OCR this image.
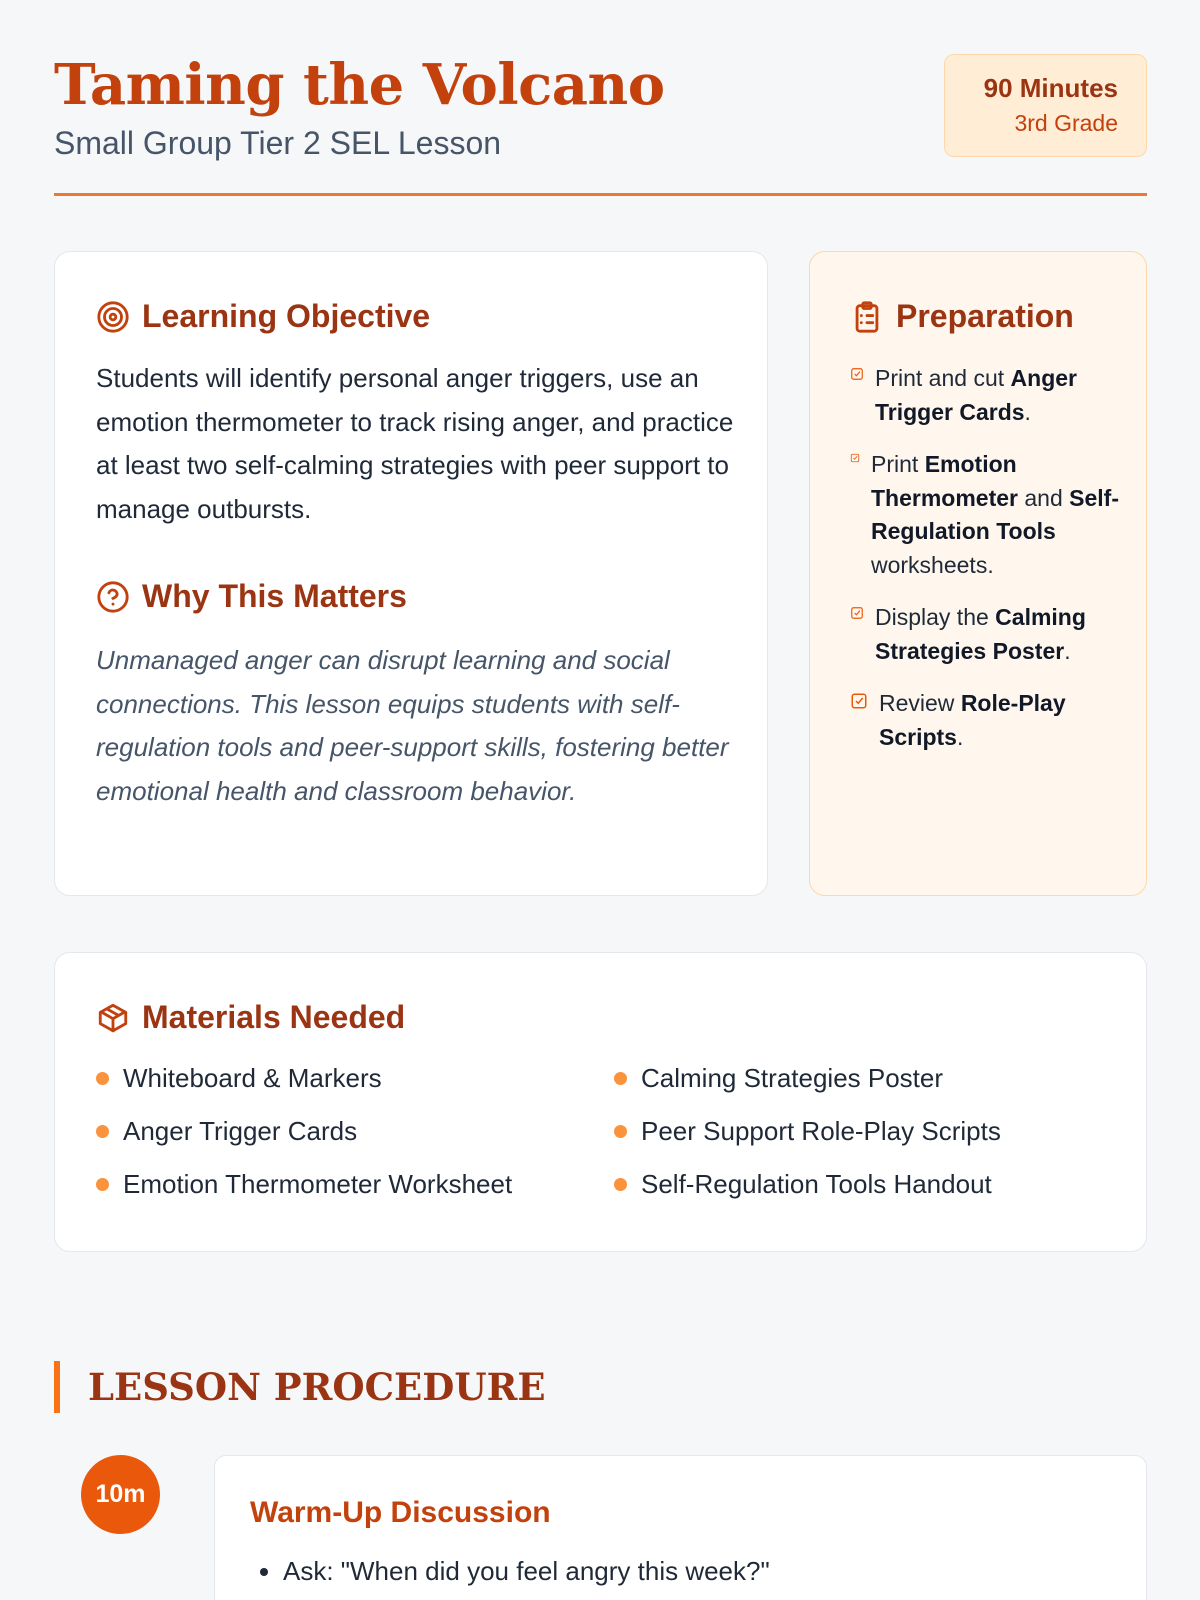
Taming the Volcano
Small Group Tier 2 SEL Lesson
90 Minutes
3rd Grade
Learning Objective

Students will identify personal anger triggers, use an emotion thermometer to track rising anger, and practice at least two self-calming strategies with peer support to manage outbursts.

Why This Matters

Unmanaged anger can disrupt learning and social connections. This lesson equips students with self-regulation tools and peer-support skills, fostering better emotional health and classroom behavior.

Preparation
Print and cut Anger Trigger Cards.
Print Emotion Thermometer and Self-Regulation Tools worksheets.
Display the Calming Strategies Poster.
Review Role-Play Scripts.
Materials Needed
Whiteboard & Markers	Calming Strategies Poster
Anger Trigger Cards	Peer Support Role-Play Scripts
Emotion Thermometer Worksheet	Self-Regulation Tools Handout
LESSON PROCEDURE
10m
Warm-Up Discussion
• Ask: "When did you feel angry this week?"
